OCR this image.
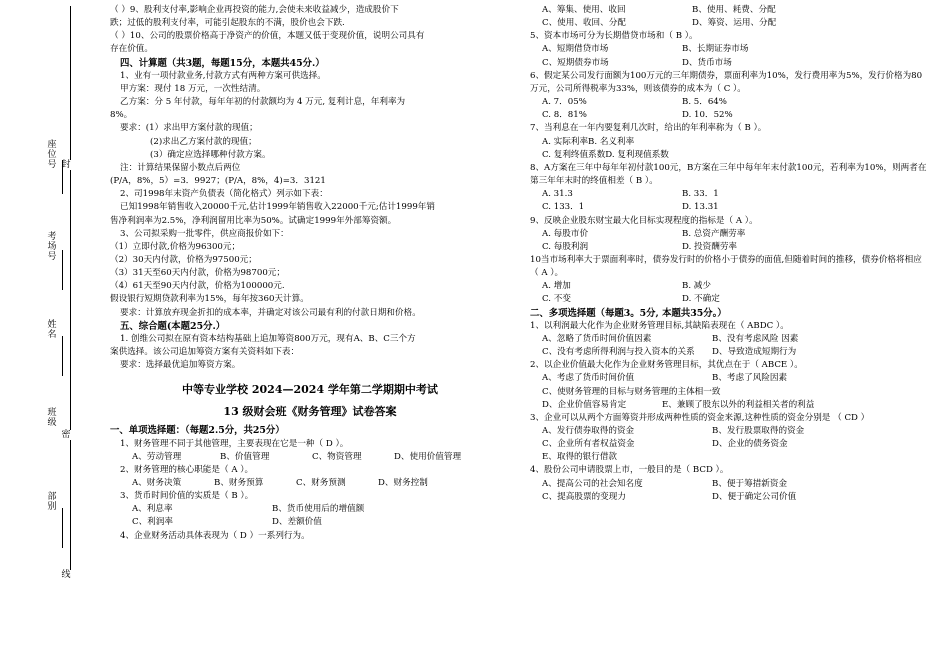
座位号 封
考场号
姓名
班级
密
部别
线
（ ）9、股利支付率,影响企业再投资的能力,会使未来收益减少，造成股价下
跌；过低的股利支付率，可能引起股东的不满，股价也会下跌.
（ ）10、公司的股票价格高于净资产的价值，本题又低于变现价值，说明公司具有
存在价值。
四、计算题（共3题，每题15分，本题共45分.）
1、业有一项付款业务,付款方式有两种方案可供选择。
甲方案：现付 18 万元，一次性结清。
乙方案：分 5 年付款，每年年初的付款额均为 4 万元, 复利计息，年利率为
8%。
要求：(1）求出甲方案付款的现值；
(2)求出乙方案付款的现值；
(3）确定应选择哪种付款方案。
注：计算结果保留小数点后两位
(P/A，8%，5）=3．9927；(P/A，8%，4)=3．3121
2、司1998年末资产负债表（简化格式）列示如下表：
已知1998年销售收入20000千元,估计1999年销售收入22000千元;估计1999年销
售净利润率为2.5%，净利润留用比率为50%。试确定1999年外部筹资额。
3、公司拟采购一批零件，供应商报价如下：
（1）立即付款,价格为96300元；
（2）30天内付款，价格为97500元；
（3）31天至60天内付款，价格为98700元；
（4）61天至90天内付款，价格为100000元.
假设银行短期贷款利率为15%，每年按360天计算。
要求：计算放弃现金折扣的成本率，并确定对该公司最有利的付款日期和价格。
五、综合题(本题25分.）
1. 创维公司拟在原有资本结构基础上追加筹资800万元，现有A、B、C三个方
案供选择。该公司追加筹资方案有关资料如下表：
要求：选择最优追加筹资方案。
中等专业学校 2024—2024 学年第二学期期中考试
13 级财会班《财务管理》试卷答案
一、单项选择题：（每题2.5分，共25分）
1、财务管理不同于其他管理，主要表现在它是一种（ D ）。
A、劳动管理	B、价值管理	C、物资管理	D、使用价值管理
2、财务管理的核心职能是（ A ）。
A、财务决策	B、财务预算	C、财务预测	D、财务控制
3、货币时间价值的实质是（ B ）。
A、利息率	B、货币使用后的增值额
C、利润率	D、差额价值
4、企业财务活动具体表现为（ D ）一系列行为。
A、筹集、使用、收回	B、使用、耗费、分配
C、使用、收回、分配	D、筹资、运用、分配
5、资本市场可分为长期借贷市场和（ B ）。
A、短期借贷市场	B、长期证券市场
C、短期债券市场	D、货币市场
6、假定某公司发行面额为100万元的三年期债券，票面利率为10%，发行费用率为5%，发行价格为80万元，公司所得税率为33%，则该债券的成本为（ C ）。
A. 7．05%	B. 5．64%
C. 8．81%	D. 10．52%
7、当利息在一年内要复利几次时，给出的年利率称为（ B ）。
A. 实际利率B. 名义利率
C. 复利终值系数D. 复利现值系数
8、A方案在三年中每年年初付款100元，B方案在三年中每年年末付款100元，若利率为10%，则两者在第三年年末时的终值相差（ B ）。
A. 31.3	B. 33．1
C. 133．1	D. 13.31
9、反映企业股东财宝最大化目标实现程度的指标是（ A ）。
A. 每股市价	B. 总资产酬劳率
C. 每股利润	D. 投资酬劳率
10当市场利率大于票面利率时，债券发行时的价格小于债券的面值,但随着时间的推移，债券价格将相应（ A ）。
A. 增加	B. 减少
C. 不变	D. 不确定
二、多项选择题（每题3。5分, 本题共35分。）
1、以利润最大化作为企业财务管理目标,其缺陷表现在（ ABDC ）。
A、忽略了货币时间价值因素	B、没有考虑风险 因素
C、没有考虑所得利润与投入资本的关系 D、导致造成短期行为
2、以企业价值最大化作为企业财务管理目标，其优点在于（ ABCE ）。
A、考虑了货币时间价值	B、考虑了风险因素
C、使财务管理的目标与财务管理的主体相一致
D、企业价值容易肯定	E、兼顾了股东以外的利益相关者的利益
3、企业可以从两个方面筹资并形成两种性质的资金来源,这种性质的资金分别是 （ CD ）
A、发行债券取得的资金	B、发行股票取得的资金
C、企业所有者权益资金	D、企业的债务资金
E、取得的银行借款
4、股份公司申请股票上市，一般目的是（ BCD ）。
A、提高公司的社会知名度	B、便于筹措新资金
C、提高股票的变现力	D、便于确定公司价值
